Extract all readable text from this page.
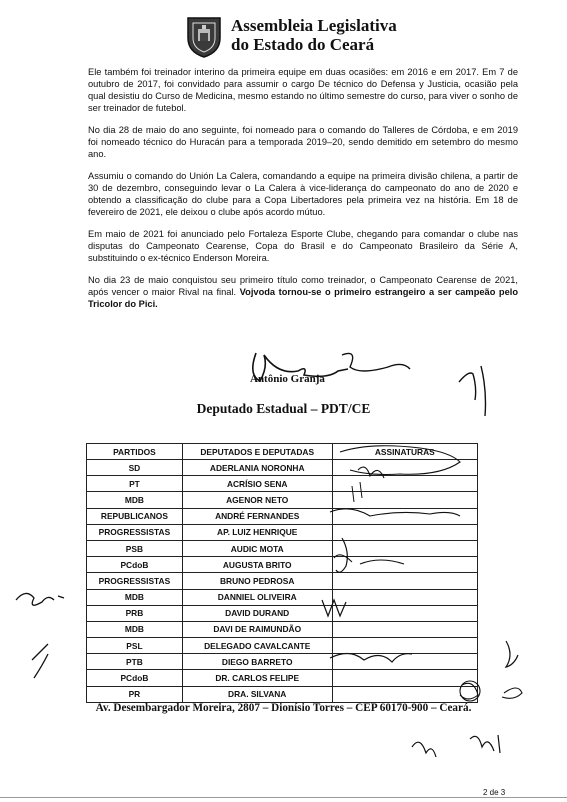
Assembleia Legislativa
do Estado do Ceará

Ele também foi treinador interino da primeira equipe em duas ocasiões: em 2016 e em 2017. Em 7 de outubro de 2017, foi convidado para assumir o cargo De técnico do Defensa y Justicia, ocasião pela qual desistiu do Curso de Medicina, mesmo estando no último semestre do curso, para viver o sonho de ser treinador de futebol.

No dia 28 de maio do ano seguinte, foi nomeado para o comando do Talleres de Córdoba, e em 2019 foi nomeado técnico do Huracán para a temporada 2019–20, sendo demitido em setembro do mesmo ano.

Assumiu o comando do Unión La Calera, comandando a equipe na primeira divisão chilena, a partir de 30 de dezembro, conseguindo levar o La Calera à vice-liderança do campeonato do ano de 2020 e obtendo a classificação do clube para a Copa Libertadores pela primeira vez na história. Em 18 de fevereiro de 2021, ele deixou o clube após acordo mútuo.

Em maio de 2021 foi anunciado pelo Fortaleza Esporte Clube, chegando para comandar o clube nas disputas do Campeonato Cearense, Copa do Brasil e do Campeonato Brasileiro da Série A, substituindo o ex-técnico Enderson Moreira.

No dia 23 de maio conquistou seu primeiro título como treinador, o Campeonato Cearense de 2021, após vencer o maior Rival na final. Vojvoda tornou-se o primeiro estrangeiro a ser campeão pelo Tricolor do Pici.

Antônio Granja
Deputado Estadual – PDT/CE
PARTIDOS	DEPUTADOS E DEPUTADAS	ASSINATURAS
SD	ADERLANIA NORONHA	
PT	ACRÍSIO SENA	
MDB	AGENOR NETO	
REPUBLICANOS	ANDRÉ FERNANDES	
PROGRESSISTAS	AP. LUIZ HENRIQUE	
PSB	AUDIC MOTA	
PCdoB	AUGUSTA BRITO	
PROGRESSISTAS	BRUNO PEDROSA	
MDB	DANNIEL OLIVEIRA	
PRB	DAVID DURAND	
MDB	DAVI DE RAIMUNDÃO	
PSL	DELEGADO CAVALCANTE	
PTB	DIEGO BARRETO	
PCdoB	DR. CARLOS FELIPE	
PR	DRA. SILVANA	
Av. Desembargador Moreira, 2807 – Dionísio Torres – CEP 60170-900 – Ceará.
2 de 3
